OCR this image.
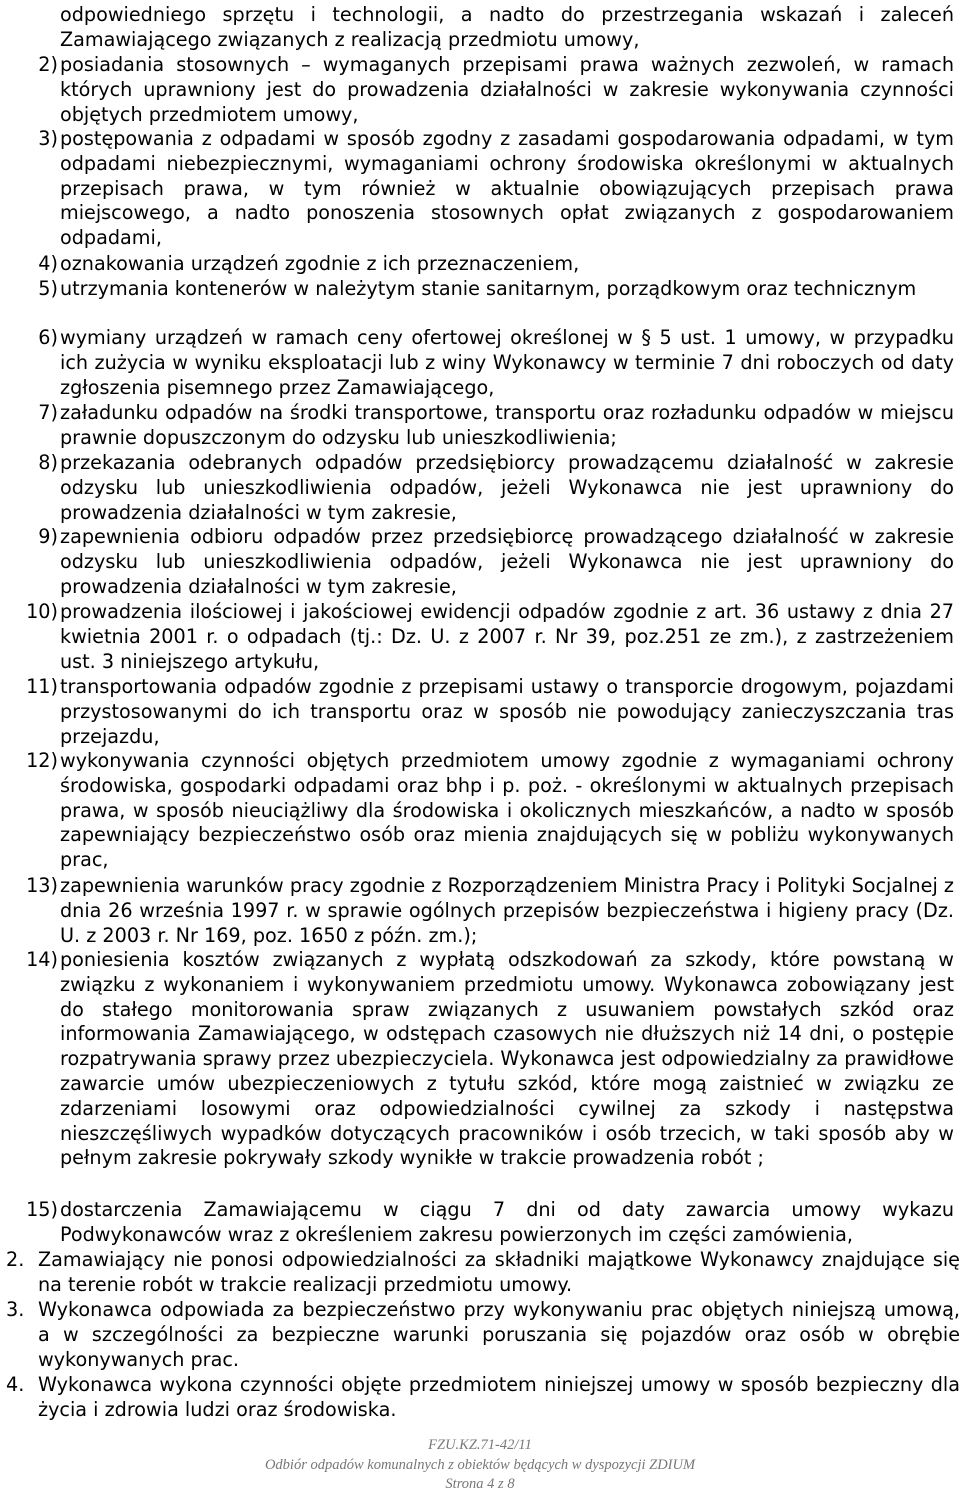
odpowiedniego sprzętu i technologii, a nadto do przestrzegania wskazań i zaleceń Zamawiającego związanych z realizacją przedmiotu umowy,
2) posiadania stosownych – wymaganych przepisami prawa ważnych zezwoleń, w ramach których uprawniony jest do prowadzenia działalności w zakresie wykonywania czynności objętych przedmiotem umowy,
3) postępowania z odpadami w sposób zgodny z zasadami gospodarowania odpadami, w tym odpadami niebezpiecznymi, wymaganiami ochrony środowiska określonymi w aktualnych przepisach prawa, w tym również w aktualnie obowiązujących przepisach prawa miejscowego, a nadto ponoszenia stosownych opłat związanych z gospodarowaniem odpadami,
4) oznakowania urządzeń zgodnie z ich przeznaczeniem,
5) utrzymania kontenerów w należytym stanie sanitarnym, porządkowym oraz technicznym
6) wymiany urządzeń w ramach ceny ofertowej określonej w § 5 ust. 1 umowy, w przypadku ich zużycia w wyniku eksploatacji lub z winy Wykonawcy w terminie 7 dni roboczych od daty zgłoszenia pisemnego przez Zamawiającego,
7) załadunku odpadów na środki transportowe, transportu oraz rozładunku odpadów w miejscu prawnie dopuszczonym do odzysku lub unieszkodliwienia;
8) przekazania odebranych odpadów przedsiębiorcy prowadzącemu działalność w zakresie odzysku lub unieszkodliwienia odpadów, jeżeli Wykonawca nie jest uprawniony do prowadzenia działalności w tym zakresie,
9) zapewnienia odbioru odpadów przez przedsiębiorcę prowadzącego działalność w zakresie odzysku lub unieszkodliwienia odpadów, jeżeli Wykonawca nie jest uprawniony do prowadzenia działalności w tym zakresie,
10) prowadzenia ilościowej i jakościowej ewidencji odpadów zgodnie z art. 36 ustawy z dnia 27 kwietnia 2001 r. o odpadach (tj.: Dz. U. z 2007 r. Nr 39, poz.251 ze zm.), z zastrzeżeniem ust. 3 niniejszego artykułu,
11) transportowania odpadów zgodnie z przepisami ustawy o transporcie drogowym, pojazdami przystosowanymi do ich transportu oraz w sposób nie powodujący zanieczyszczania tras przejazdu,
12) wykonywania czynności objętych przedmiotem umowy zgodnie z wymaganiami ochrony środowiska, gospodarki odpadami oraz bhp i p. poż. - określonymi w aktualnych przepisach prawa, w sposób nieuciążliwy dla środowiska i okolicznych mieszkańców, a nadto w sposób zapewniający bezpieczeństwo osób oraz mienia znajdujących się w pobliżu wykonywanych prac,
13) zapewnienia warunków pracy zgodnie z Rozporządzeniem Ministra Pracy i Polityki Socjalnej z dnia 26 września 1997 r. w sprawie ogólnych przepisów bezpieczeństwa i higieny pracy (Dz. U. z 2003 r. Nr 169, poz. 1650 z późn. zm.);
14) poniesienia kosztów związanych z wypłatą odszkodowań za szkody, które powstaną w związku z wykonaniem i wykonywaniem przedmiotu umowy. Wykonawca zobowiązany jest do stałego monitorowania spraw związanych z usuwaniem powstałych szkód oraz informowania Zamawiającego, w odstępach czasowych nie dłuższych niż 14 dni, o postępie rozpatrywania sprawy przez ubezpieczyciela. Wykonawca jest odpowiedzialny za prawidłowe zawarcie umów ubezpieczeniowych z tytułu szkód, które mogą zaistnieć w związku ze zdarzeniami losowymi oraz odpowiedzialności cywilnej za szkody i następstwa nieszczęśliwych wypadków dotyczących pracowników i osób trzecich, w taki sposób aby w pełnym zakresie pokrywały szkody wynikłe w trakcie prowadzenia robót ;
15) dostarczenia Zamawiającemu w ciągu 7 dni od daty zawarcia umowy wykazu Podwykonawców wraz z określeniem zakresu powierzonych im części zamówienia,
2. Zamawiający nie ponosi odpowiedzialności za składniki majątkowe Wykonawcy znajdujące się na terenie robót w trakcie realizacji przedmiotu umowy.
3. Wykonawca odpowiada za bezpieczeństwo przy wykonywaniu prac objętych niniejszą umową, a w szczególności za bezpieczne warunki poruszania się pojazdów oraz osób w obrębie wykonywanych prac.
4. Wykonawca wykona czynności objęte przedmiotem niniejszej umowy w sposób bezpieczny dla życia i zdrowia ludzi oraz środowiska.
FZU.KZ.71-42/11
Odbiór odpadów komunalnych z obiektów będących w dyspozycji ZDIUM
Strona 4 z 8
